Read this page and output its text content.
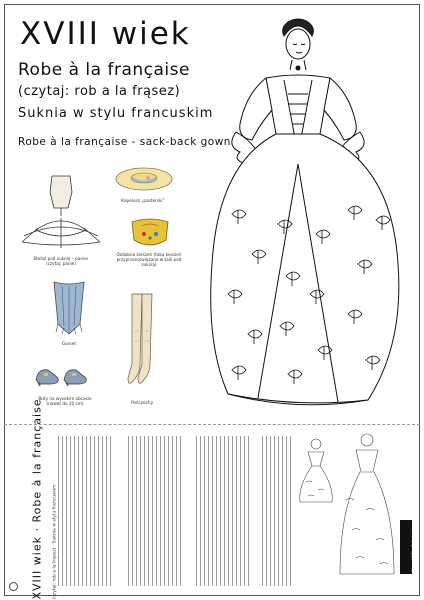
XVIII wiek
Robe à la française
(czytaj: rob a la frąsez)
Suknia w stylu francuskim
Robe à la française - sack-back gown
Stelaż pod suknię – panier (czytaj: panie)
Kapelusz „pasterski”
Ozdobna kieszeń (taką kieszeń przypinano/wiązano w talii pod suknią)
Gorset
Buty na wysokim obcasie (nawet do 10 cm)	Pończochy
XVIII wiek · Robe à la française (czytaj: rob a la frąsez) · Suknia w stylu francuskim	Moda XVIII · Suknie historyczne
